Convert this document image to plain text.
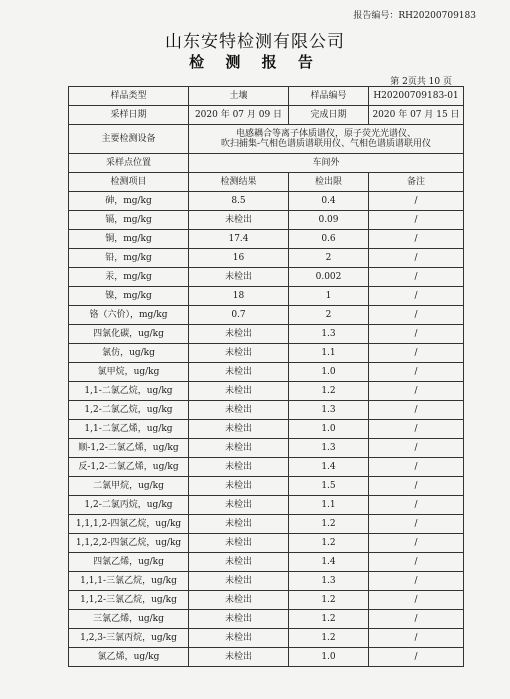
报告编号：RH20200709183
山东安特检测有限公司
检 测 报 告
第 2页共 10 页
样品类型	土壤	样品编号	H20200709183-01
采样日期	2020 年 07 月 09 日	完成日期	2020 年 07 月 15 日
主要检测设备	电感耦合等离子体质谱仪，原子荧光光谱仪、
吹扫捕集-气相色谱质谱联用仪、气相色谱质谱联用仪		

采样点位置	车间外		
检测项目	检测结果	检出限	备注
砷，mg/kg	8.5	0.4	/
镉，mg/kg	未检出	0.09	/
铜，mg/kg	17.4	0.6	/
铅，mg/kg	16	2	/
汞，mg/kg	未检出	0.002	/
镍，mg/kg	18	1	/
铬（六价），mg/kg	0.7	2	/
四氯化碳，ug/kg	未检出	1.3	/
氯仿，ug/kg	未检出	1.1	/
氯甲烷，ug/kg	未检出	1.0	/
1,1-二氯乙烷，ug/kg	未检出	1.2	/
1,2-二氯乙烷，ug/kg	未检出	1.3	/
1,1-二氯乙烯，ug/kg	未检出	1.0	/
顺-1,2-二氯乙烯，ug/kg	未检出	1.3	/
反-1,2-二氯乙烯，ug/kg	未检出	1.4	/
二氯甲烷，ug/kg	未检出	1.5	/
1,2-二氯丙烷，ug/kg	未检出	1.1	/
1,1,1,2-四氯乙烷，ug/kg	未检出	1.2	/
1,1,2,2-四氯乙烷，ug/kg	未检出	1.2	/
四氯乙烯，ug/kg	未检出	1.4	/
1,1,1-三氯乙烷，ug/kg	未检出	1.3	/
1,1,2-三氯乙烷，ug/kg	未检出	1.2	/
三氯乙烯，ug/kg	未检出	1.2	/
1,2,3-三氯丙烷，ug/kg	未检出	1.2	/
氯乙烯，ug/kg	未检出	1.0	/
